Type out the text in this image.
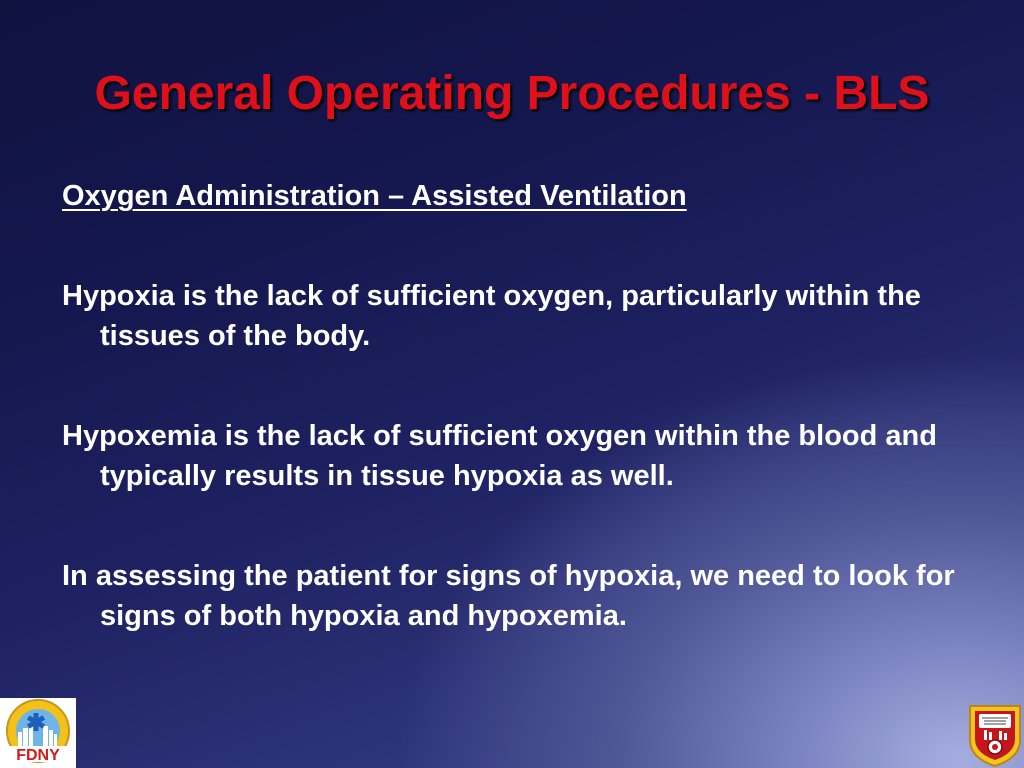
General Operating Procedures - BLS

Oxygen Administration – Assisted Ventilation

Hypoxia is the lack of sufficient oxygen, particularly within the tissues of the body.

Hypoxemia is the lack of sufficient oxygen within the blood and typically results in tissue hypoxia as well.

In assessing the patient for signs of hypoxia, we need to look for signs of both hypoxia and hypoxemia.

FDNY
